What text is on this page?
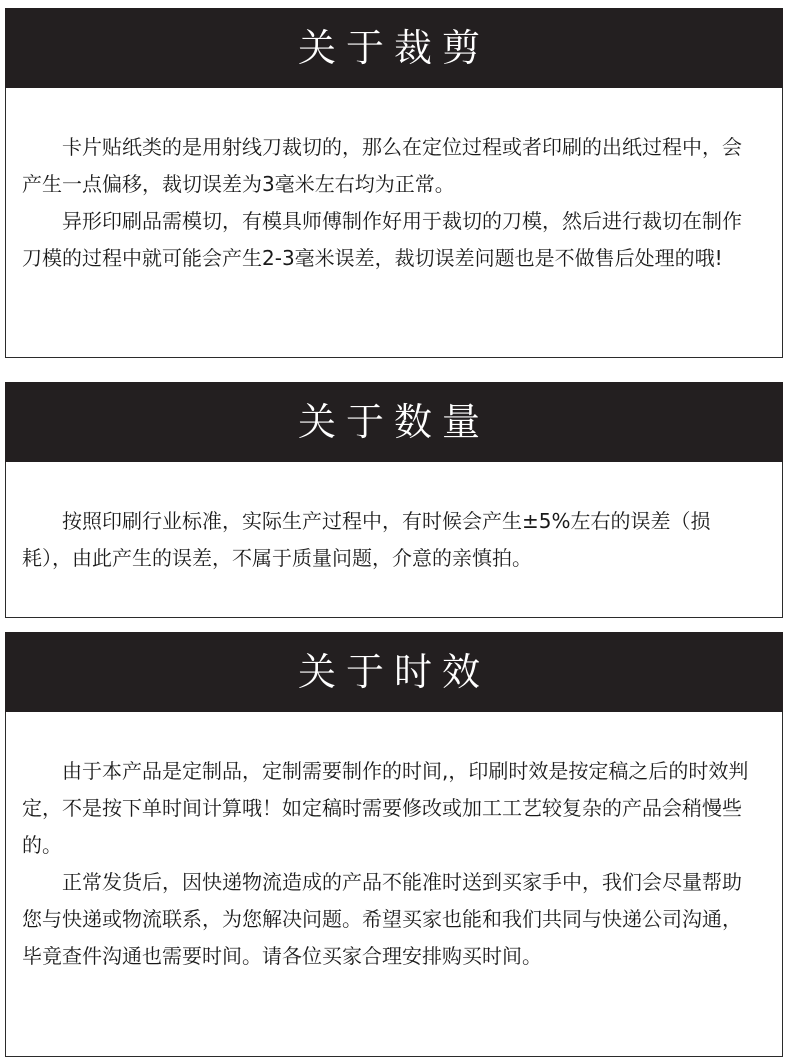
关于裁剪

卡片贴纸类的是用射线刀裁切的，那么在定位过程或者印刷的出纸过程中，会产生一点偏移，裁切误差为3毫米左右均为正常。

异形印刷品需模切，有模具师傅制作好用于裁切的刀模，然后进行裁切在制作刀模的过程中就可能会产生2-3毫米误差，裁切误差问题也是不做售后处理的哦!

关于数量

按照印刷行业标准，实际生产过程中，有时候会产生±5%左右的误差（损耗），由此产生的误差，不属于质量问题，介意的亲慎拍。

关于时效

由于本产品是定制品，定制需要制作的时间,，印刷时效是按定稿之后的时效判定，不是按下单时间计算哦！如定稿时需要修改或加工工艺较复杂的产品会稍慢些的。

正常发货后，因快递物流造成的产品不能准时送到买家手中，我们会尽量帮助您与快递或物流联系，为您解决问题。希望买家也能和我们共同与快递公司沟通，毕竟查件沟通也需要时间。请各位买家合理安排购买时间。
